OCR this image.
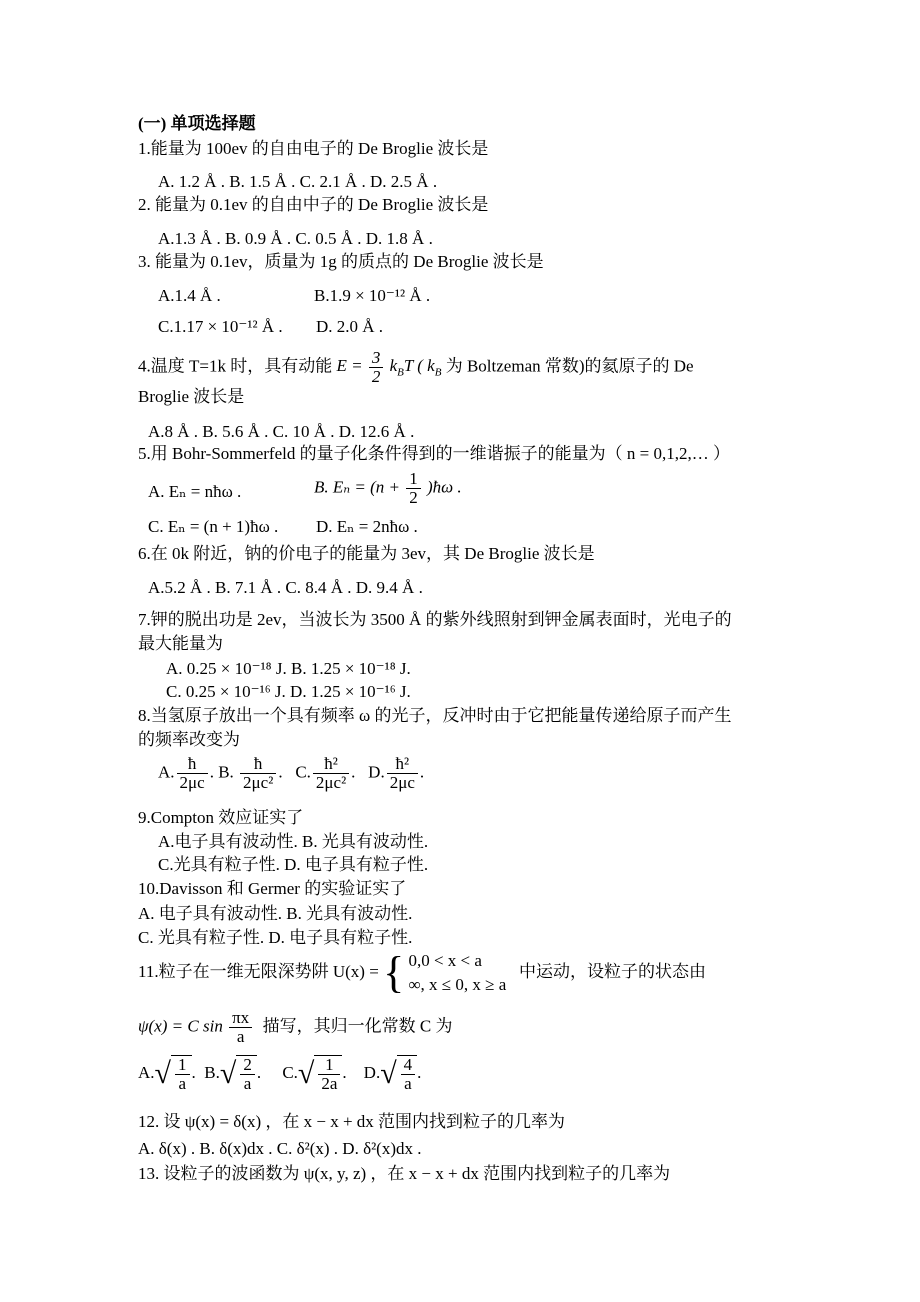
(一) 单项选择题
1.能量为 100ev 的自由电子的 De Broglie 波长是
A. 1.2 Å . B. 1.5 Å . C. 2.1 Å . D. 2.5 Å .
2. 能量为 0.1ev 的自由中子的 De Broglie 波长是
A.1.3 Å . B. 0.9 Å . C. 0.5 Å . D. 1.8 Å .
3. 能量为 0.1ev，质量为 1g 的质点的 De Broglie 波长是
A.1.4 Å .	B.1.9 × 10⁻¹² Å .
C.1.17 × 10⁻¹² Å . D. 2.0 Å .
4.温度 T=1k 时，具有动能 $E = \frac{3}{2} k_BT$ ( $k_B$ 为 Boltzeman 常数)的氦原子的 De
Broglie 波长是
A.8 Å . B. 5.6 Å . C. 10 Å . D. 12.6 Å .
5.用 Bohr-Sommerfeld 的量子化条件得到的一维谐振子的能量为（ n = 0,1,2,… ）
A. Eₙ = nħω .	B. $E_n = (n + \frac{1}{2}$ )ħω .
C. Eₙ = (n + 1)ħω . D. Eₙ = 2nħω .
6.在 0k 附近，钠的价电子的能量为 3ev，其 De Broglie 波长是
A.5.2 Å . B. 7.1 Å . C. 8.4 Å . D. 9.4 Å .
7.钾的脱出功是 2ev，当波长为 3500 Å 的紫外线照射到钾金属表面时，光电子的
最大能量为
A. 0.25 × 10⁻¹⁸ J. B. 1.25 × 10⁻¹⁸ J.
C. 0.25 × 10⁻¹⁶ J. D. 1.25 × 10⁻¹⁶ J.
8.当氢原子放出一个具有频率 ω 的光子，反冲时由于它把能量传递给原子而产生
的频率改变为
A. $\frac{ħ}{2\mu c}$ . B. $\frac{ħ}{\text{2μc²}}$ .   C. $\frac{\text{ħ²}}{\text{2μc²}}$ .   D. $\frac{\text{ħ²}}{2\mu c}$ .
9.Compton 效应证实了
A.电子具有波动性. B. 光具有波动性.
C.光具有粒子性. D. 电子具有粒子性.
10.Davisson 和 Germer 的实验证实了
A. 电子具有波动性. B. 光具有波动性.
C. 光具有粒子性. D. 电子具有粒子性.
11.粒子在一维无限深势阱 U(x) = { 0,0 < x < a
∞, x ≤ 0, x ≥ a
中运动，设粒子的状态由
ψ(x) = C $\sin \frac{\pi x}{a}$ 描写，其归一化常数 C 为
$A.√ \frac{1}{a}$ .  $B.√ \frac{2}{a}$ .     $C.√ \frac{1}{2a}$ .    $D.√ \frac{4}{a}$ .
12. 设 ψ(x) = δ(x) ，在 x − x + dx 范围内找到粒子的几率为
A. δ(x) . B. δ(x)dx . C. δ²(x) . D. δ²(x)dx .
13. 设粒子的波函数为 ψ(x, y, z) ，在 x − x + dx 范围内找到粒子的几率为
